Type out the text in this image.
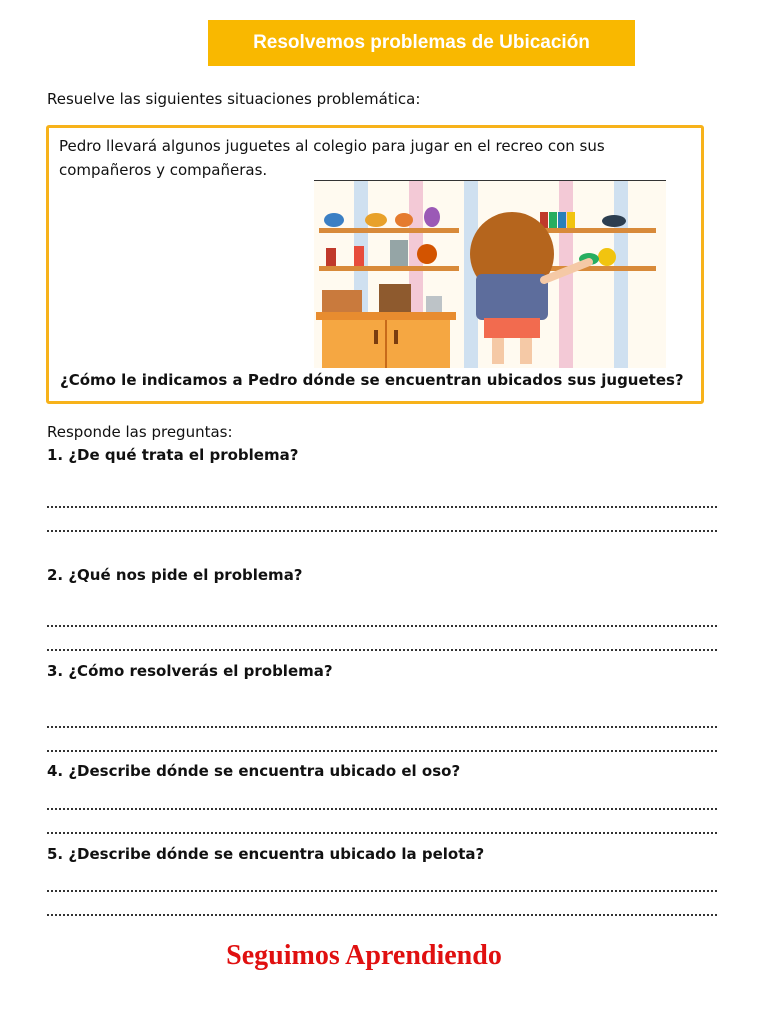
Resolvemos problemas de Ubicación
Resuelve las siguientes situaciones problemática:
Pedro llevará algunos juguetes al colegio para jugar en el recreo con sus compañeros y compañeras.
¿Cómo le indicamos a Pedro dónde se encuentran ubicados sus juguetes?
Responde las preguntas:
1. ¿De qué trata el problema?
..
2. ¿Qué nos pide el problema?
..
3. ¿Cómo resolverás el problema?
..
4. ¿Describe dónde se encuentra ubicado el oso?
..
5. ¿Describe dónde se encuentra ubicado la pelota?
..
Seguimos Aprendiendo
